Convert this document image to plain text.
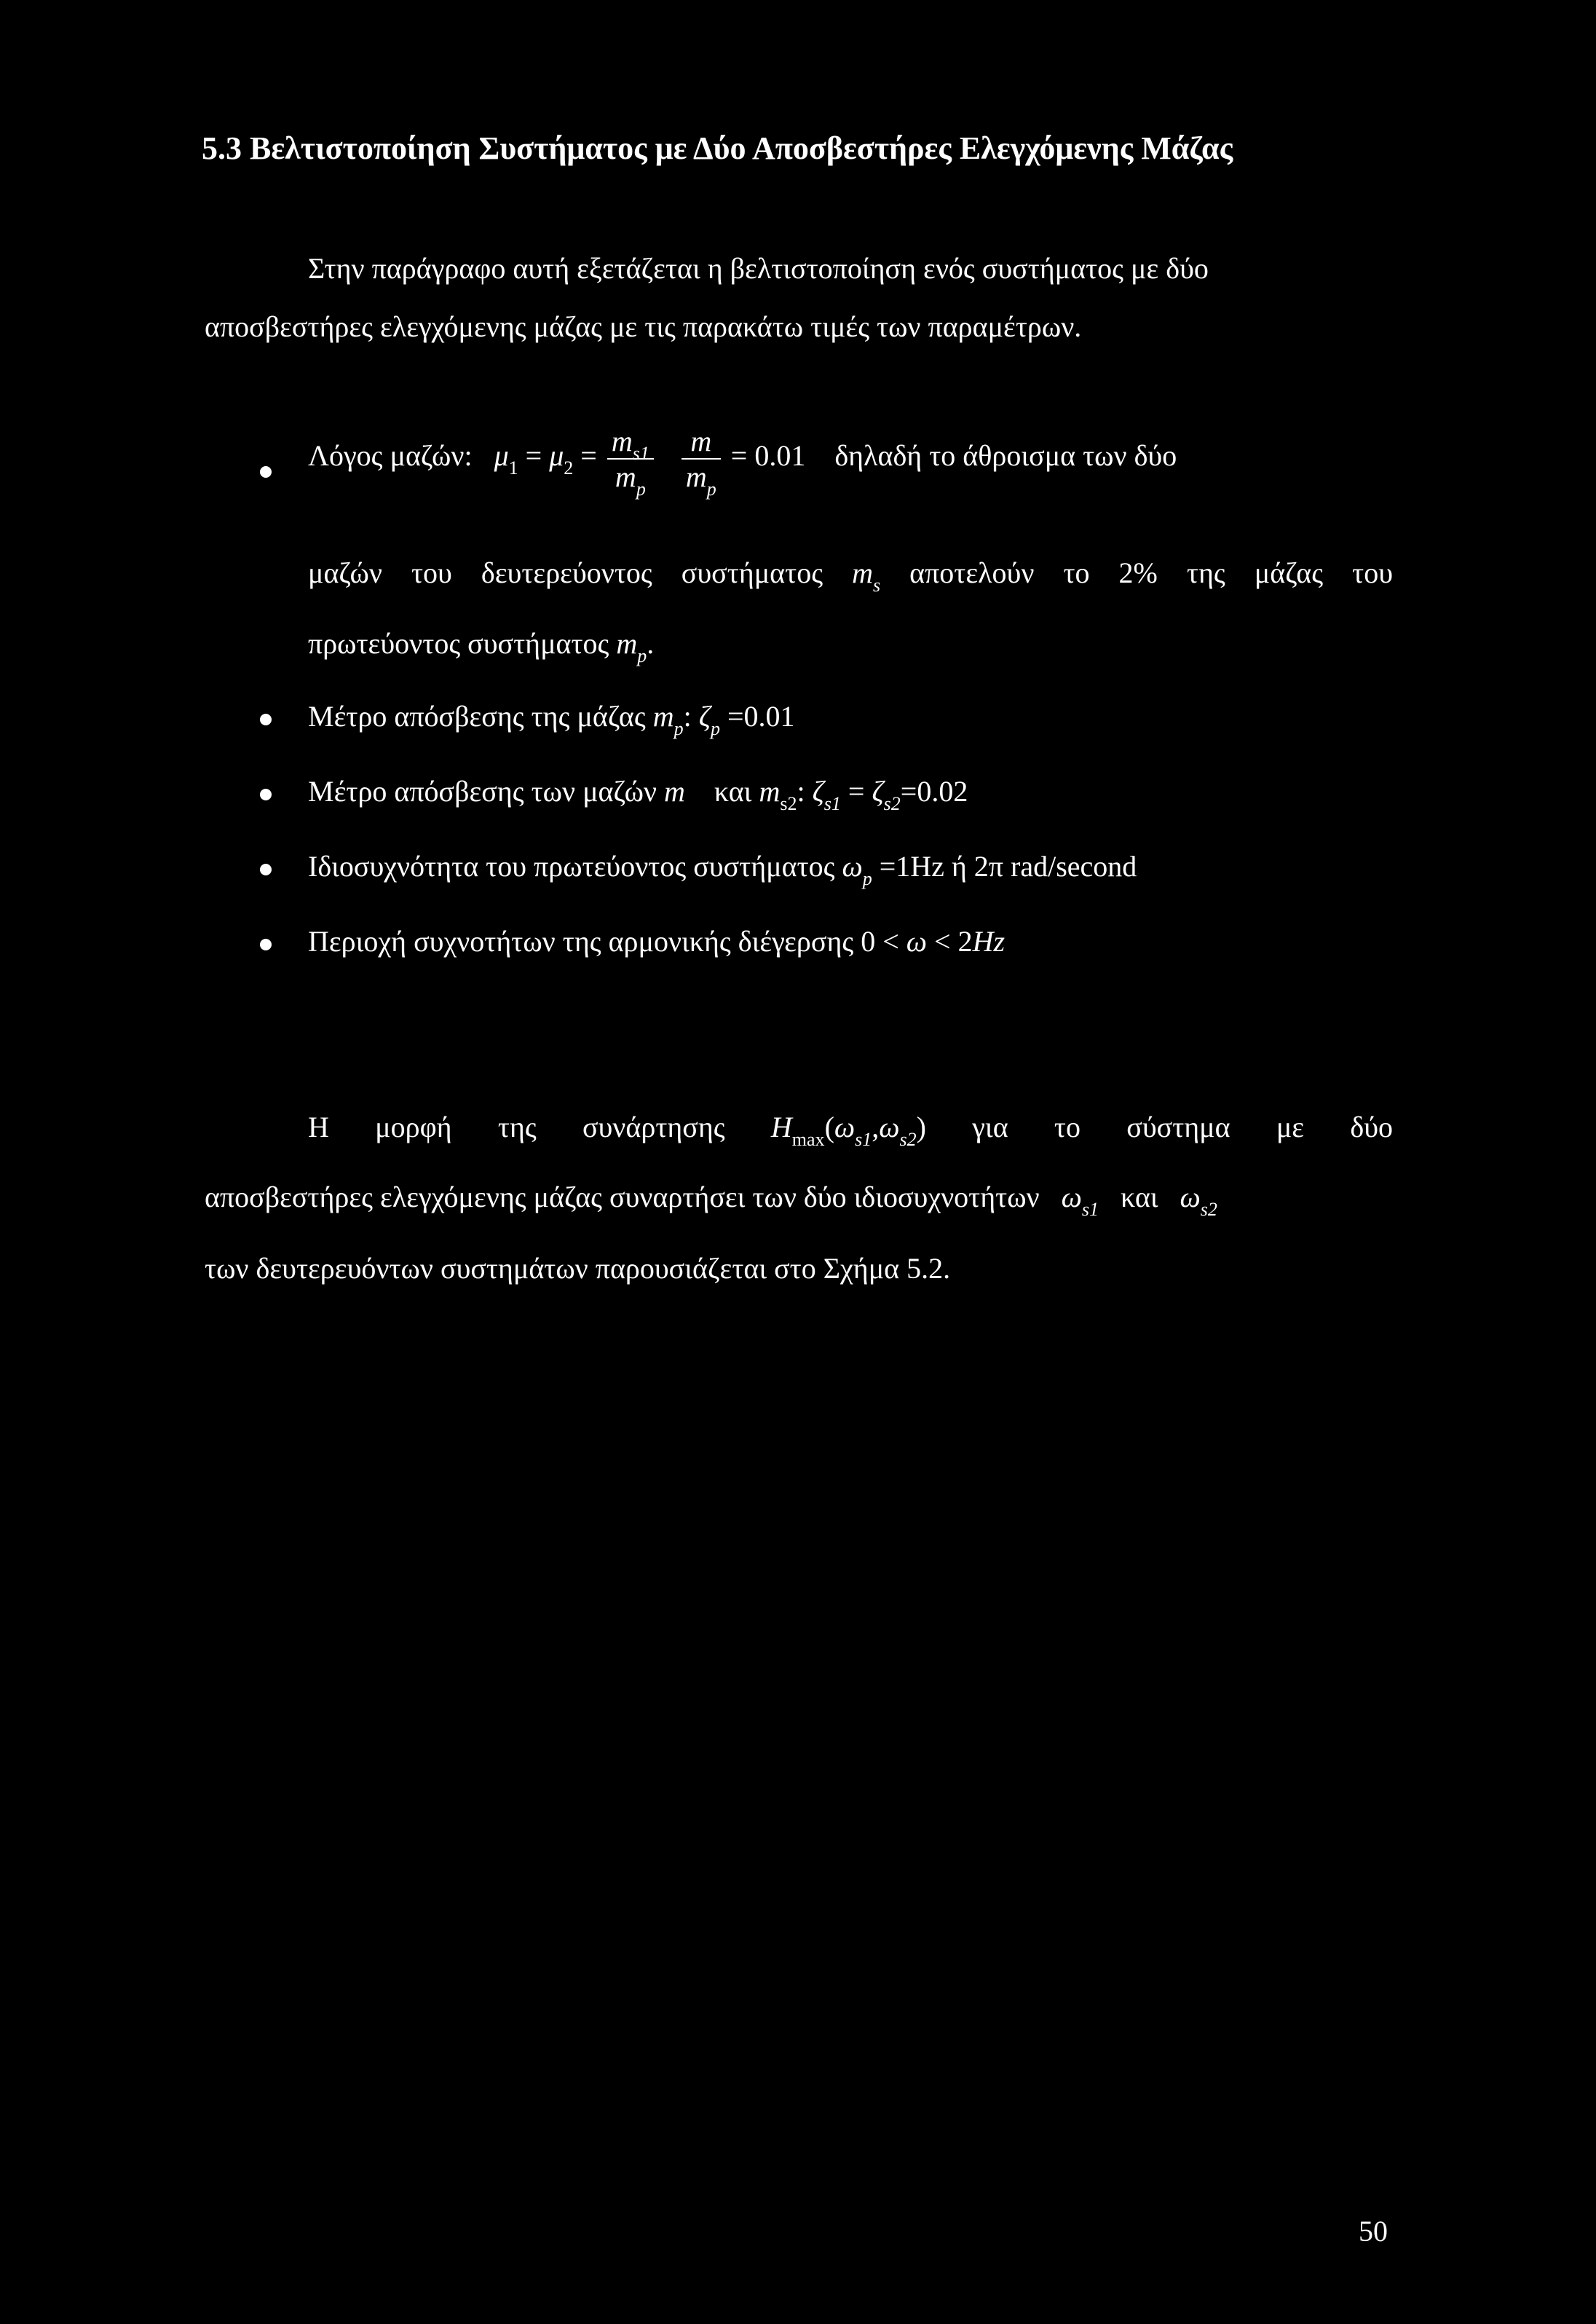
5.3 Βελτιστοποίηση Συστήματος με Δύο Αποσβεστήρες Ελεγχόμενης Μάζας
Στην παράγραφο αυτή εξετάζεται η βελτιστοποίηση ενός συστήματος με δύο
αποσβεστήρες ελεγχόμενης μάζας με τις παρακάτω τιμές των παραμέτρων.
Λόγος μαζών: $\mu_1 = \mu_2 = \frac{m_{s1}}{m_p}$
$\frac{m}{m_p} = 0.01$ δηλαδή το άθροισμα των δύο
μαζών του δευτερεύοντος συστήματος $m_s$ αποτελούν το 2% της μάζας του
πρωτεύοντος συστήματος $m_p$.
Μέτρο απόσβεσης της μάζας $m_p$: $\zeta_p =0.01$
Μέτρο απόσβεσης των μαζών m και $m_{s2}$: $\zeta_{s1} = \zeta_{s2}=0.02$
Ιδιοσυχνότητα του πρωτεύοντος συστήματος $\omega_p =1Hz$ ή 2π rad/second
Περιοχή συχνοτήτων της αρμονικής διέγερσης 0 < ω < 2Hz
Η μορφή της συνάρτησης $H_{max}(\omega_{s1},\omega_{s2})$ για το σύστημα με δύο
αποσβεστήρες ελεγχόμενης μάζας συναρτήσει των δύο ιδιοσυχνοτήτων $\omega_{s1}$ και $\omega_{s2}$
των δευτερευόντων συστημάτων παρουσιάζεται στο Σχήμα 5.2.
50
